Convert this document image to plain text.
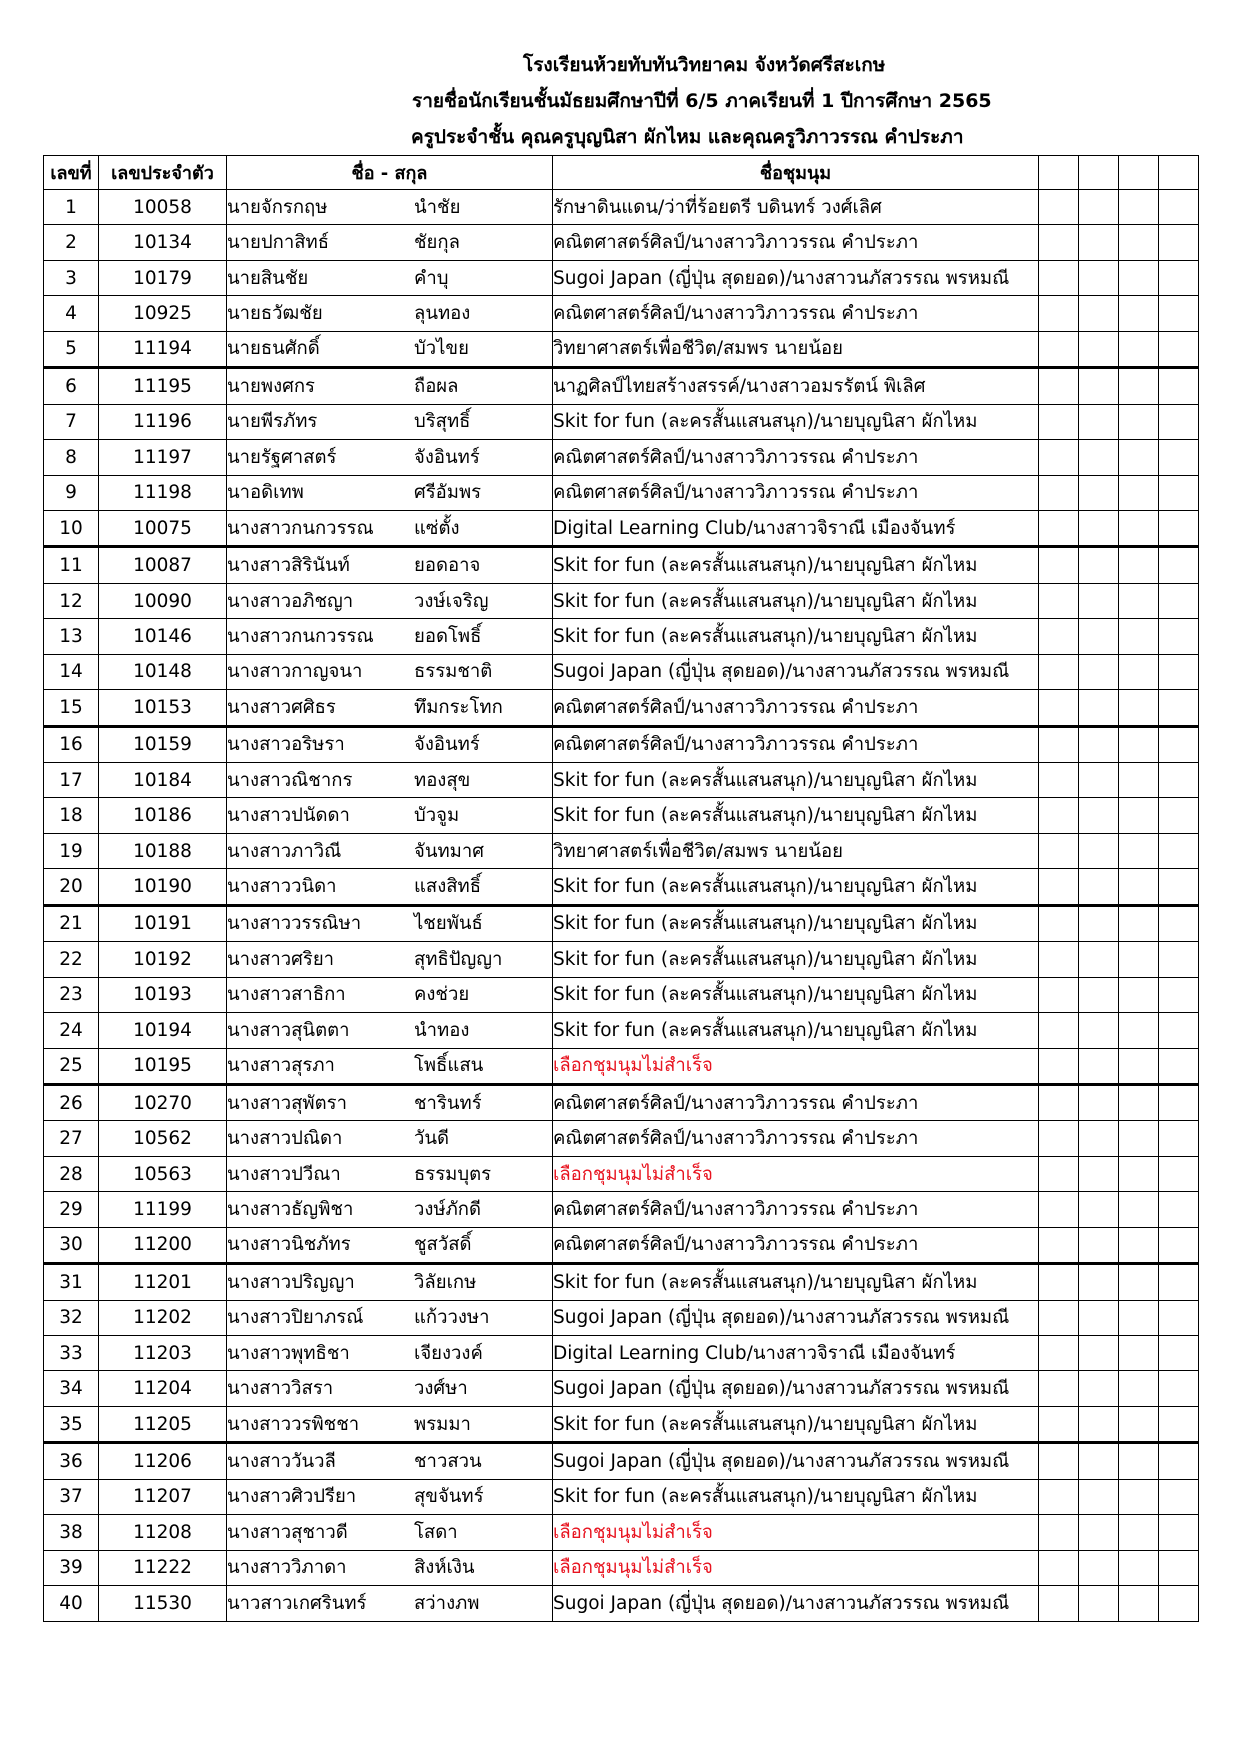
โรงเรียนห้วยทับทันวิทยาคม จังหวัดศรีสะเกษ
รายชื่อนักเรียนชั้นมัธยมศึกษาปีที่ 6/5 ภาคเรียนที่ 1 ปีการศึกษา 2565
ครูประจำชั้น คุณครูบุญนิสา ผักไหม และคุณครูวิภาวรรณ คำประภา
เลขที่	เลขประจำตัว	ชื่อ - สกุล	ชื่อชุมนุม				
1	10058	นายจักรกฤษ นำชัย	รักษาดินแดน/ว่าที่ร้อยตรี บดินทร์ วงศ์เลิศ				
2	10134	นายปกาสิทธ์ ชัยกุล	คณิตศาสตร์ศิลป์/นางสาววิภาวรรณ คำประภา				
3	10179	นายสินชัย คำบุ	Sugoi Japan (ญี่ปุ่น สุดยอด)/นางสาวนภัสวรรณ พรหมณี				
4	10925	นายธวัฒชัย ลุนทอง	คณิตศาสตร์ศิลป์/นางสาววิภาวรรณ คำประภา				
5	11194	นายธนศักดิ์ บัวไขย	วิทยาศาสตร์เพื่อชีวิต/สมพร นายน้อย				
6	11195	นายพงศกร ถือผล	นาฏศิลป์ไทยสร้างสรรค์/นางสาวอมรรัตน์ พิเลิศ				
7	11196	นายพีรภัทร บริสุทธิ์	Skit for fun (ละครสั้นแสนสนุก)/นายบุญนิสา ผักไหม				
8	11197	นายรัฐศาสตร์ จังอินทร์	คณิตศาสตร์ศิลป์/นางสาววิภาวรรณ คำประภา				
9	11198	นาอดิเทพ ศรีอัมพร	คณิตศาสตร์ศิลป์/นางสาววิภาวรรณ คำประภา				
10	10075	นางสาวกนกวรรณ แซ่ตั้ง	Digital Learning Club/นางสาวจิราณี เมืองจันทร์				
11	10087	นางสาวสิรินันท์ ยอดอาจ	Skit for fun (ละครสั้นแสนสนุก)/นายบุญนิสา ผักไหม				
12	10090	นางสาวอภิชญา วงษ์เจริญ	Skit for fun (ละครสั้นแสนสนุก)/นายบุญนิสา ผักไหม				
13	10146	นางสาวกนกวรรณ ยอดโพธิ์	Skit for fun (ละครสั้นแสนสนุก)/นายบุญนิสา ผักไหม				
14	10148	นางสาวกาญจนา ธรรมชาติ	Sugoi Japan (ญี่ปุ่น สุดยอด)/นางสาวนภัสวรรณ พรหมณี				
15	10153	นางสาวศศิธร ทึมกระโทก	คณิตศาสตร์ศิลป์/นางสาววิภาวรรณ คำประภา				
16	10159	นางสาวอริษรา จังอินทร์	คณิตศาสตร์ศิลป์/นางสาววิภาวรรณ คำประภา				
17	10184	นางสาวณิชากร ทองสุข	Skit for fun (ละครสั้นแสนสนุก)/นายบุญนิสา ผักไหม				
18	10186	นางสาวปนัดดา บัวจูม	Skit for fun (ละครสั้นแสนสนุก)/นายบุญนิสา ผักไหม				
19	10188	นางสาวภาวิณี จันทมาศ	วิทยาศาสตร์เพื่อชีวิต/สมพร นายน้อย				
20	10190	นางสาววนิดา แสงสิทธิ์	Skit for fun (ละครสั้นแสนสนุก)/นายบุญนิสา ผักไหม				
21	10191	นางสาววรรณิษา ไชยพันธ์	Skit for fun (ละครสั้นแสนสนุก)/นายบุญนิสา ผักไหม				
22	10192	นางสาวศริยา สุทธิปัญญา	Skit for fun (ละครสั้นแสนสนุก)/นายบุญนิสา ผักไหม				
23	10193	นางสาวสาธิกา คงช่วย	Skit for fun (ละครสั้นแสนสนุก)/นายบุญนิสา ผักไหม				
24	10194	นางสาวสุนิตตา นำทอง	Skit for fun (ละครสั้นแสนสนุก)/นายบุญนิสา ผักไหม				
25	10195	นางสาวสุรภา โพธิ์แสน	เลือกชุมนุมไม่สำเร็จ				
26	10270	นางสาวสุพัตรา ชารินทร์	คณิตศาสตร์ศิลป์/นางสาววิภาวรรณ คำประภา				
27	10562	นางสาวปณิดา วันดี	คณิตศาสตร์ศิลป์/นางสาววิภาวรรณ คำประภา				
28	10563	นางสาวปวีณา ธรรมบุตร	เลือกชุมนุมไม่สำเร็จ				
29	11199	นางสาวธัญพิชา วงษ์ภักดี	คณิตศาสตร์ศิลป์/นางสาววิภาวรรณ คำประภา				
30	11200	นางสาวนิชภัทร ชูสวัสดิ์	คณิตศาสตร์ศิลป์/นางสาววิภาวรรณ คำประภา				
31	11201	นางสาวปริญญา วิลัยเกษ	Skit for fun (ละครสั้นแสนสนุก)/นายบุญนิสา ผักไหม				
32	11202	นางสาวปิยาภรณ์ แก้ววงษา	Sugoi Japan (ญี่ปุ่น สุดยอด)/นางสาวนภัสวรรณ พรหมณี				
33	11203	นางสาวพุทธิชา เจียงวงค์	Digital Learning Club/นางสาวจิราณี เมืองจันทร์				
34	11204	นางสาววิสรา วงศ์ษา	Sugoi Japan (ญี่ปุ่น สุดยอด)/นางสาวนภัสวรรณ พรหมณี				
35	11205	นางสาววรพิชชา พรมมา	Skit for fun (ละครสั้นแสนสนุก)/นายบุญนิสา ผักไหม				
36	11206	นางสาววันวลี ชาวสวน	Sugoi Japan (ญี่ปุ่น สุดยอด)/นางสาวนภัสวรรณ พรหมณี				
37	11207	นางสาวศิวปรียา สุขจันทร์	Skit for fun (ละครสั้นแสนสนุก)/นายบุญนิสา ผักไหม				
38	11208	นางสาวสุชาวดี โสดา	เลือกชุมนุมไม่สำเร็จ				
39	11222	นางสาววิภาดา สิงห์เงิน	เลือกชุมนุมไม่สำเร็จ				
40	11530	นาวสาวเกศรินทร์ สว่างภพ	Sugoi Japan (ญี่ปุ่น สุดยอด)/นางสาวนภัสวรรณ พรหมณี				
